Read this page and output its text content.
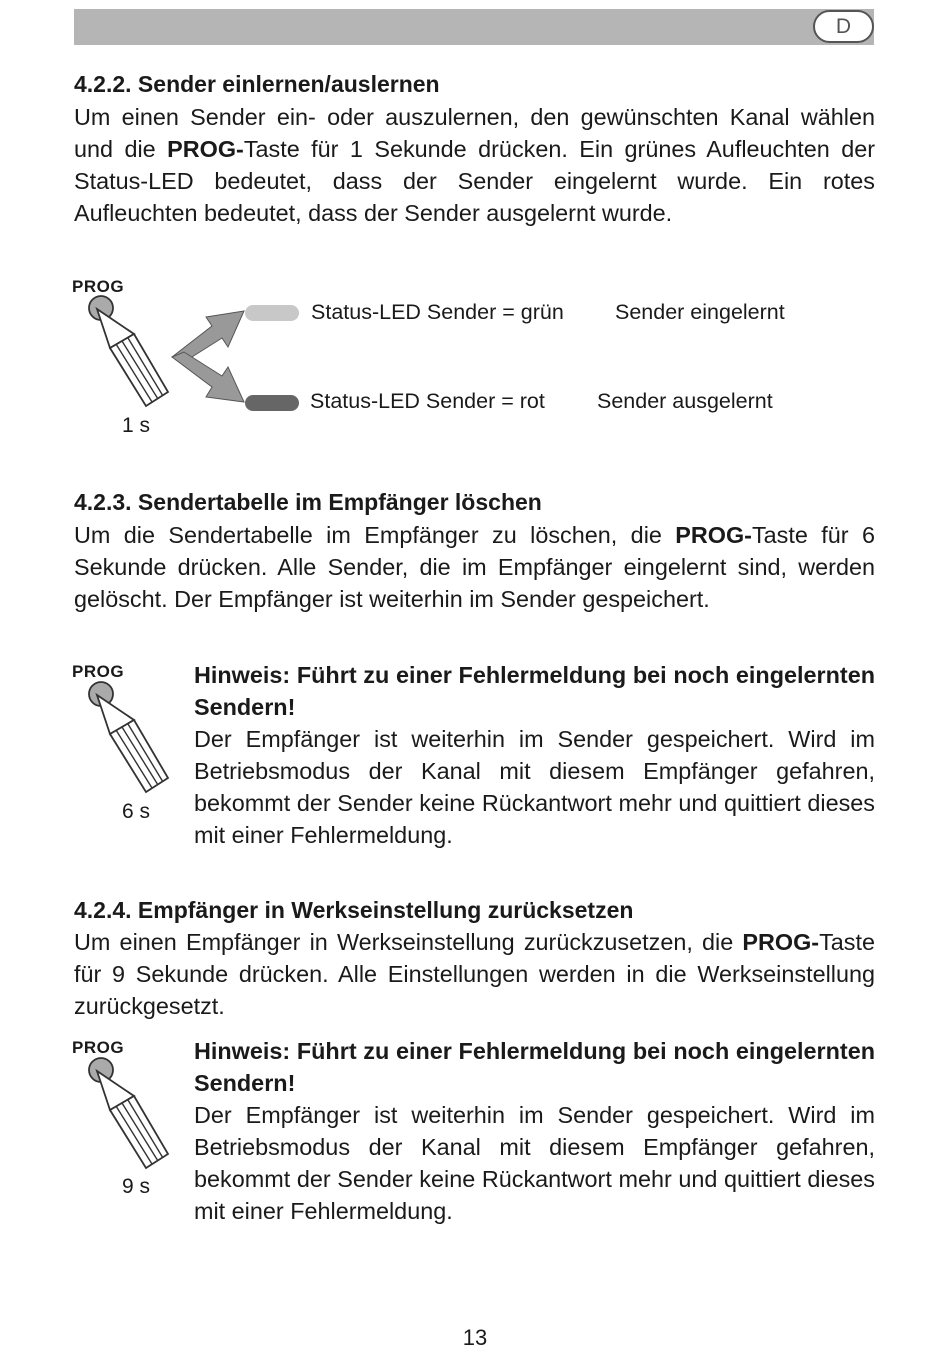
D
4.2.2. Sender einlernen/auslernen

Um einen Sender ein- oder auszulernen, den gewünschten Kanal wählen und die PROG-Taste für 1 Sekunde drücken. Ein grünes Aufleuchten der Status-LED bedeutet, dass der Sender eingelernt wurde. Ein rotes Aufleuchten bedeutet, dass der Sender ausgelernt wurde.

PROG
1 s
Status-LED Sender = grün Sender eingelernt
Status-LED Sender = rot Sender ausgelernt
4.2.3. Sendertabelle im Empfänger löschen

Um die Sendertabelle im Empfänger zu löschen, die PROG-Taste für 6 Sekunde drücken. Alle Sender, die im Empfänger eingelernt sind, werden gelöscht. Der Empfänger ist weiterhin im Sender gespeichert.

PROG
6 s

Hinweis: Führt zu einer Fehlermeldung bei noch eingelernten Sendern!
Der Empfänger ist weiterhin im Sender gespeichert. Wird im Betriebsmodus der Kanal mit diesem Empfänger gefahren, bekommt der Sender keine Rückantwort mehr und quittiert dieses mit einer Fehlermeldung.

4.2.4. Empfänger in Werkseinstellung zurücksetzen

Um einen Empfänger in Werkseinstellung zurückzusetzen, die PROG-Taste für 9 Sekunde drücken. Alle Einstellungen werden in die Werkseinstellung zurückgesetzt.

PROG
9 s

Hinweis: Führt zu einer Fehlermeldung bei noch eingelernten Sendern!
Der Empfänger ist weiterhin im Sender gespeichert. Wird im Betriebsmodus der Kanal mit diesem Empfänger gefahren, bekommt der Sender keine Rückantwort mehr und quittiert dieses mit einer Fehlermeldung.

13
